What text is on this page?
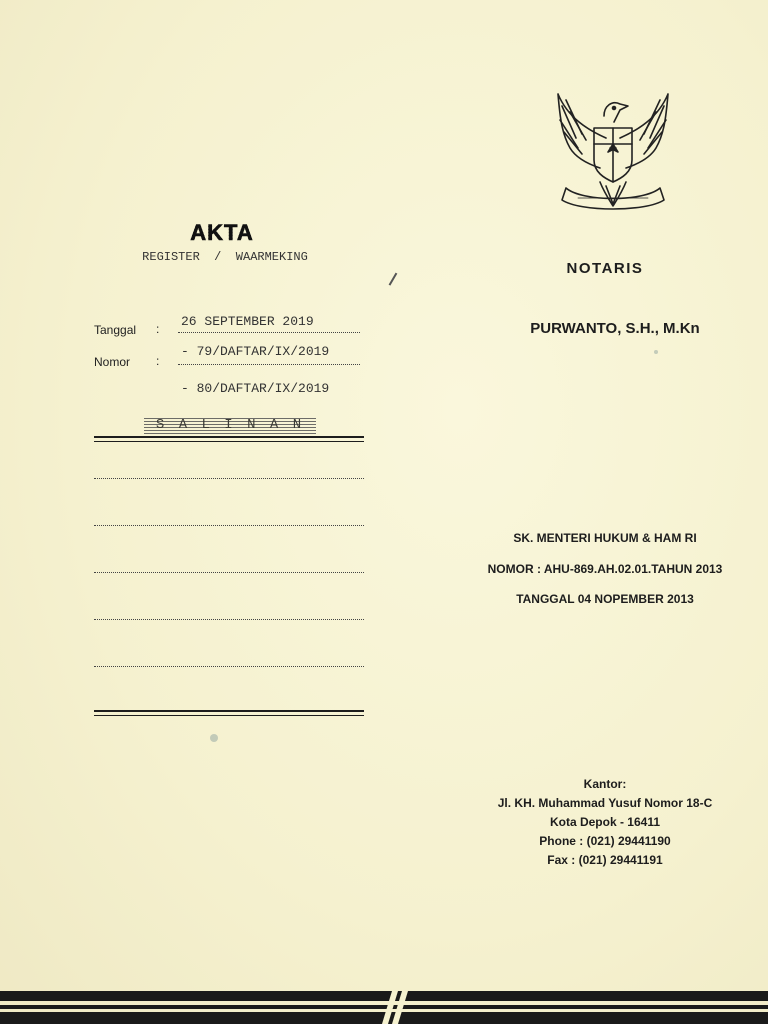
AKTA
REGISTER  /  WAARMEKING
Tanggal : 26 SEPTEMBER 2019
Nomor :
- 79/DAFTAR/IX/2019
- 80/DAFTAR/IX/2019
S A L I N A N
NOTARIS
PURWANTO, S.H., M.Kn
SK. MENTERI HUKUM & HAM RI
NOMOR : AHU-869.AH.02.01.TAHUN 2013
TANGGAL 04 NOPEMBER 2013
Kantor:
Jl. KH. Muhammad Yusuf Nomor 18-C
Kota Depok - 16411
Phone : (021) 29441190
Fax : (021) 29441191
